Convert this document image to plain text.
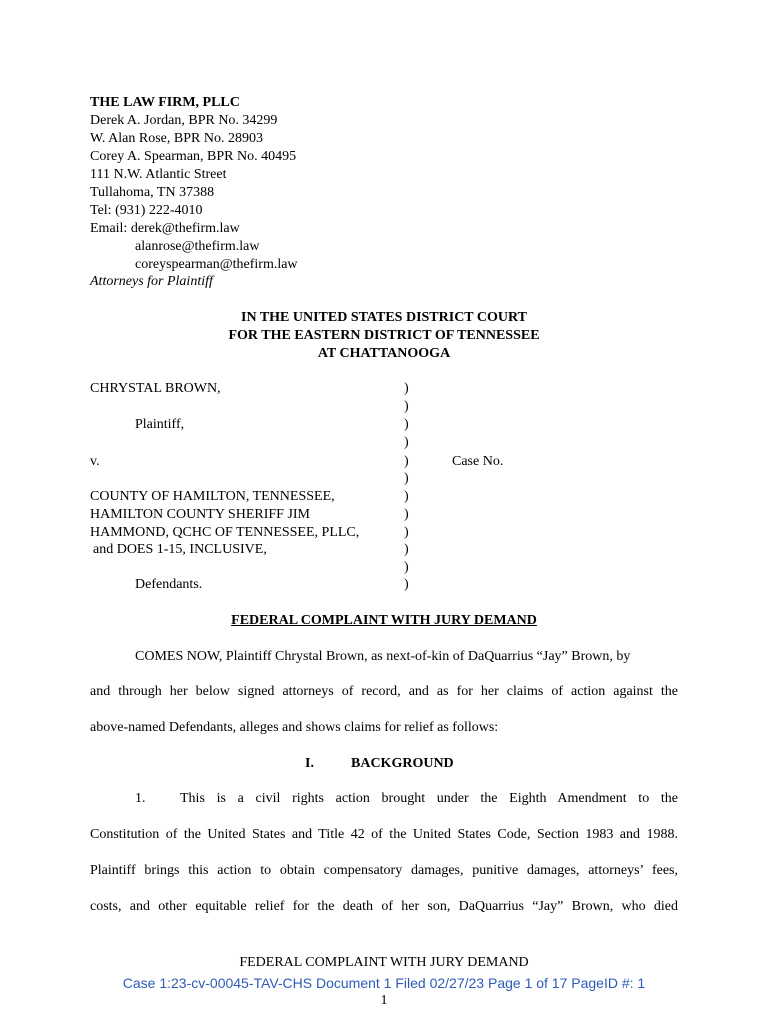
THE LAW FIRM, PLLC
Derek A. Jordan, BPR No. 34299
W. Alan Rose, BPR No. 28903
Corey A. Spearman, BPR No. 40495
111 N.W. Atlantic Street
Tullahoma, TN 37388
Tel: (931) 222-4010
Email: derek@thefirm.law
alanrose@thefirm.law
coreyspearman@thefirm.law
Attorneys for Plaintiff
IN THE UNITED STATES DISTRICT COURT
FOR THE EASTERN DISTRICT OF TENNESSEE
AT CHATTANOOGA
CHRYSTAL BROWN,
Plaintiff,
v.	Case No.
COUNTY OF HAMILTON, TENNESSEE,
HAMILTON COUNTY SHERIFF JIM
HAMMOND, QCHC OF TENNESSEE, PLLC,
and DOES 1-15, INCLUSIVE,
Defendants.
)
)
)
)
)
)
)
)
)
)
)
)
FEDERAL COMPLAINT WITH JURY DEMAND
COMES NOW, Plaintiff Chrystal Brown, as next-of-kin of DaQuarrius “Jay” Brown, by
and through her below signed attorneys of record, and as for her claims of action against the
above-named Defendants, alleges and shows claims for relief as follows:
I.	BACKGROUND
1. This is a civil rights action brought under the Eighth Amendment to the
Constitution of the United States and Title 42 of the United States Code, Section 1983 and 1988.
Plaintiff brings this action to obtain compensatory damages, punitive damages, attorneys’ fees,
costs, and other equitable relief for the death of her son, DaQuarrius “Jay” Brown, who died
FEDERAL COMPLAINT WITH JURY DEMAND
Case 1:23-cv-00045-TAV-CHS Document 1 Filed 02/27/23 Page 1 of 17 PageID #: 1
1
